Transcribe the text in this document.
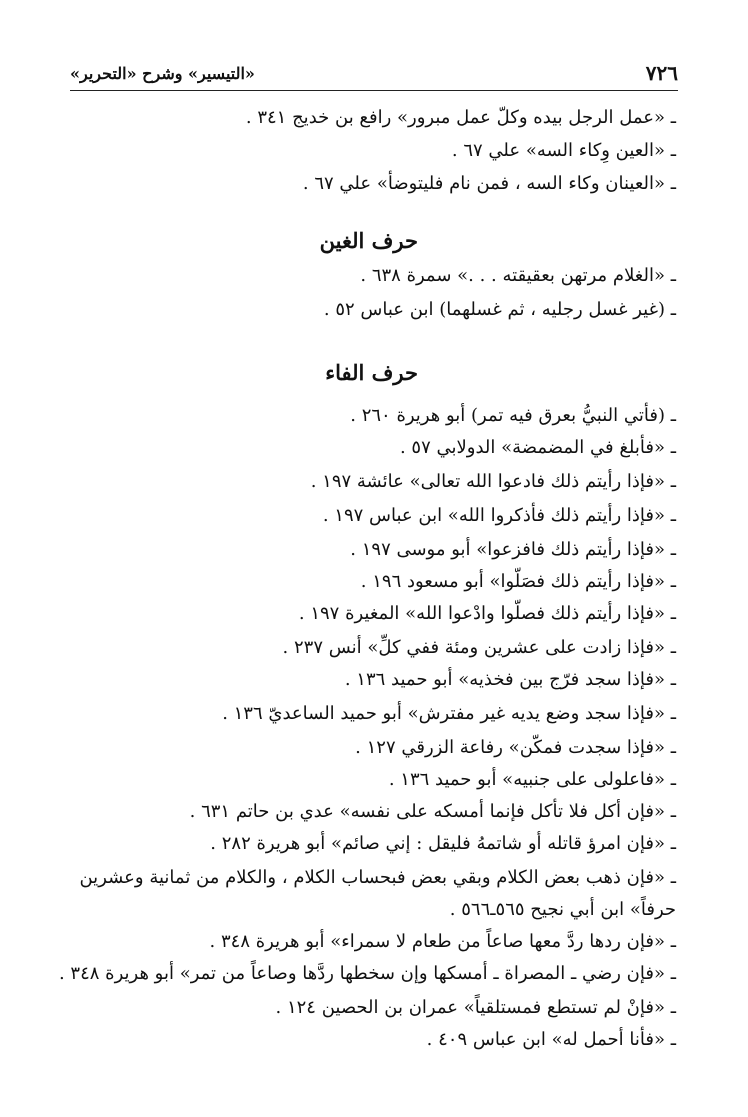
٧٢٦
«التيسير» وشرح «التحرير»
ـ «عمل الرجل بيده وكلّ عمل مبرور» رافع بن خديج ٣٤١ .
ـ «العين وِكاء السه» علي ٦٧ .
ـ «العينان وكاء السه ، فمن نام فليتوضأ» علي ٦٧ .
حرف الغين
ـ «الغلام مرتهن بعقيقته . . .» سمرة ٦٣٨ .
ـ (غير غسل رجليه ، ثم غسلهما) ابن عباس ٥٢ .
حرف الفاء
ـ (فأتي النبيُّ بعرق فيه تمر) أبو هريرة ٢٦٠ .
ـ «فأبلغ في المضمضة» الدولابي ٥٧ .
ـ «فإذا رأيتم ذلك فادعوا الله تعالى» عائشة ١٩٧ .
ـ «فإذا رأيتم ذلك فأذكروا الله» ابن عباس ١٩٧ .
ـ «فإذا رأيتم ذلك فافزعوا» أبو موسى ١٩٧ .
ـ «فإذا رأيتم ذلك فصَلّوا» أبو مسعود ١٩٦ .
ـ «فإذا رأيتم ذلك فصلّوا وادْعوا الله» المغيرة ١٩٧ .
ـ «فإذا زادت على عشرين ومئة ففي كلِّ» أنس ٢٣٧ .
ـ «فإذا سجد فرّج بين فخذيه» أبو حميد ١٣٦ .
ـ «فإذا سجد وضع يديه غير مفترش» أبو حميد الساعديّ ١٣٦ .
ـ «فإذا سجدت فمكّن» رفاعة الزرقي ١٢٧ .
ـ «فاعلولى على جنبيه» أبو حميد ١٣٦ .
ـ «فإن أكل فلا تأكل فإنما أمسكه على نفسه» عدي بن حاتم ٦٣١ .
ـ «فإن امرؤ قاتله أو شاتمهُ فليقل : إني صائم» أبو هريرة ٢٨٢ .
ـ «فإن ذهب بعض الكلام وبقي بعض فبحساب الكلام ، والكلام من ثمانية وعشرين حرفاً» ابن أبي نجيح ٥٦٥ـ٥٦٦ .
ـ «فإن ردها ردَّ معها صاعاً من طعام لا سمراء» أبو هريرة ٣٤٨ .
ـ «فإن رضي ـ المصراة ـ أمسكها وإن سخطها ردَّها وصاعاً من تمر» أبو هريرة ٣٤٨ .
ـ «فإنْ لم تستطع فمستلقياً» عمران بن الحصين ١٢٤ .
ـ «فأنا أحمل له» ابن عباس ٤٠٩ .
